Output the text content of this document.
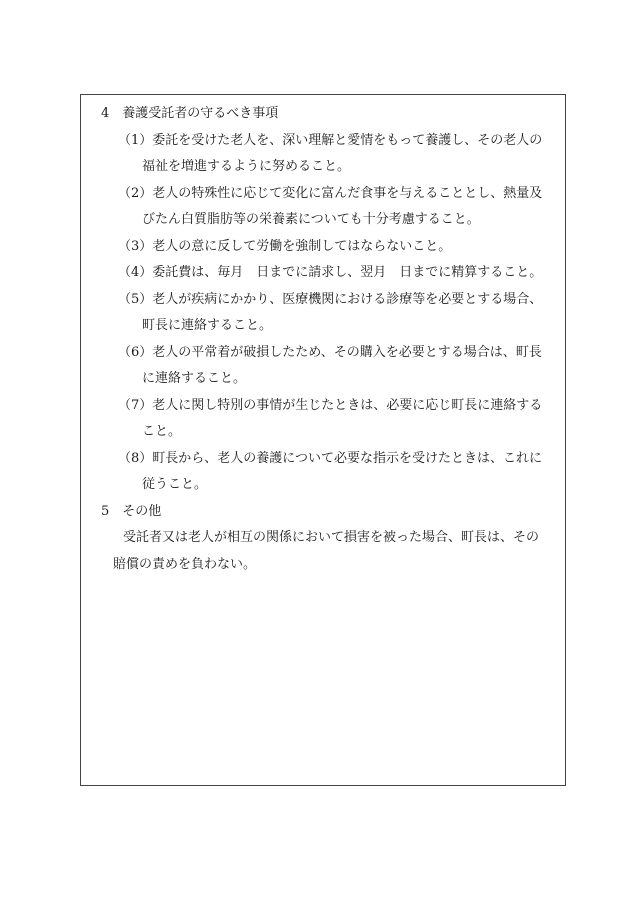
4　養護受託者の守るべき事項
（1）委託を受けた老人を、深い理解と愛情をもって養護し、その老人の
福祉を増進するように努めること。
（2）老人の特殊性に応じて変化に富んだ食事を与えることとし、熱量及
びたん白質脂肪等の栄養素についても十分考慮すること。
（3）老人の意に反して労働を強制してはならないこと。
（4）委託費は、毎月　日までに請求し、翌月　日までに精算すること。
（5）老人が疾病にかかり、医療機関における診療等を必要とする場合、
町長に連絡すること。
（6）老人の平常着が破損したため、その購入を必要とする場合は、町長
に連絡すること。
（7）老人に関し特別の事情が生じたときは、必要に応じ町長に連絡する
こと。
（8）町長から、老人の養護について必要な指示を受けたときは、これに
従うこと。
5　その他
受託者又は老人が相互の関係において損害を被った場合、町長は、その
賠償の責めを負わない。
